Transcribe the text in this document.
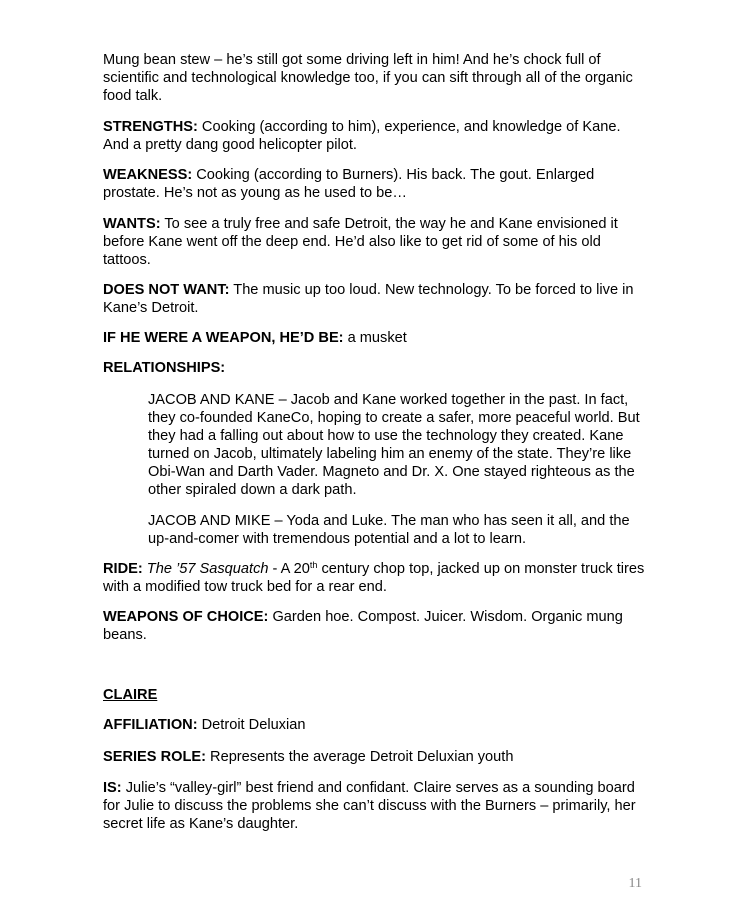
Mung bean stew – he’s still got some driving left in him! And he’s chock full of scientific and technological knowledge too, if you can sift through all of the organic food talk.

STRENGTHS: Cooking (according to him), experience, and knowledge of Kane. And a pretty dang good helicopter pilot.

WEAKNESS: Cooking (according to Burners). His back. The gout. Enlarged prostate. He’s not as young as he used to be…

WANTS: To see a truly free and safe Detroit, the way he and Kane envisioned it before Kane went off the deep end. He’d also like to get rid of some of his old tattoos.

DOES NOT WANT: The music up too loud. New technology. To be forced to live in Kane’s Detroit.

IF HE WERE A WEAPON, HE’D BE: a musket

RELATIONSHIPS:

JACOB AND KANE – Jacob and Kane worked together in the past. In fact, they co-founded KaneCo, hoping to create a safer, more peaceful world. But they had a falling out about how to use the technology they created. Kane turned on Jacob, ultimately labeling him an enemy of the state. They’re like Obi-Wan and Darth Vader. Magneto and Dr. X. One stayed righteous as the other spiraled down a dark path.

JACOB AND MIKE – Yoda and Luke. The man who has seen it all, and the up-and-comer with tremendous potential and a lot to learn.

RIDE: The ’57 Sasquatch - A 20th century chop top, jacked up on monster truck tires with a modified tow truck bed for a rear end.

WEAPONS OF CHOICE: Garden hoe. Compost. Juicer. Wisdom. Organic mung beans.

CLAIRE

AFFILIATION: Detroit Deluxian

SERIES ROLE: Represents the average Detroit Deluxian youth

IS: Julie’s “valley-girl” best friend and confidant. Claire serves as a sounding board for Julie to discuss the problems she can’t discuss with the Burners – primarily, her secret life as Kane’s daughter.

11
